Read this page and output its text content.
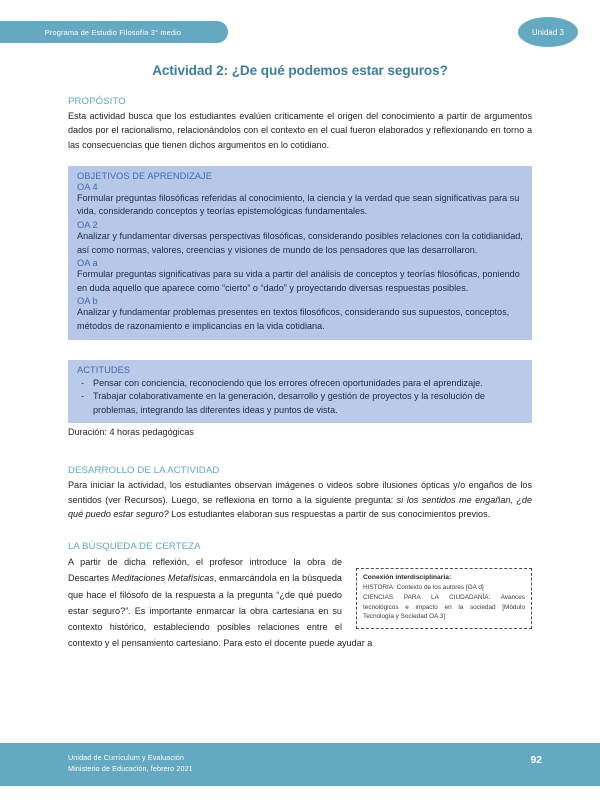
Programa de Estudio Filosofía 3° medio	Unidad 3
Actividad 2: ¿De qué podemos estar seguros?
PROPÓSITO

Esta actividad busca que los estudiantes evalúen críticamente el origen del conocimiento a partir de argumentos dados por el racionalismo, relacionándolos con el contexto en el cual fueron elaborados y reflexionando en torno a las consecuencias que tienen dichos argumentos en lo cotidiano.

OBJETIVOS DE APRENDIZAJE
OA 4

Formular preguntas filosóficas referidas al conocimiento, la ciencia y la verdad que sean significativas para su vida, considerando conceptos y teorías epistemológicas fundamentales.

OA 2

Analizar y fundamentar diversas perspectivas filosóficas, considerando posibles relaciones con la cotidianidad, así como normas, valores, creencias y visiones de mundo de los pensadores que las desarrollaron.

OA a

Formular preguntas significativas para su vida a partir del análisis de conceptos y teorías filosóficas, poniendo en duda aquello que aparece como “cierto” o “dado” y proyectando diversas respuestas posibles.

OA b

Analizar y fundamentar problemas presentes en textos filosóficos, considerando sus supuestos, conceptos, métodos de razonamiento e implicancias en la vida cotidiana.

ACTITUDES
- Pensar con conciencia, reconociendo que los errores ofrecen oportunidades para el aprendizaje.
- Trabajar colaborativamente en la generación, desarrollo y gestión de proyectos y la resolución de problemas, integrando las diferentes ideas y puntos de vista.

Duración: 4 horas pedagógicas

DESARROLLO DE LA ACTIVIDAD

Para iniciar la actividad, los estudiantes observan imágenes o videos sobre ilusiones ópticas y/o engaños de los sentidos (ver Recursos). Luego, se reflexiona en torno a la siguiente pregunta: si los sentidos me engañan, ¿de qué puedo estar seguro? Los estudiantes elaboran sus respuestas a partir de sus conocimientos previos.

LA BÚSQUEDA DE CERTEZA
Conexión interdisciplinaria:

HISTORIA: Contexto de los autores [OA d]

CIENCIAS PARA LA CIUDADANÍA: Avances tecnológicos e impacto en la sociedad [Módulo Tecnología y Sociedad OA 3]

A partir de dicha reflexión, el profesor introduce la obra de Descartes Meditaciones Metafísicas, enmarcándola en la búsqueda que hace el filósofo de la respuesta a la pregunta “¿de qué puedo estar seguro?”. Es importante enmarcar la obra cartesiana en su contexto histórico, estableciendo posibles relaciones entre el contexto y el pensamiento cartesiano. Para esto el docente puede ayudar a

Unidad de Currículum y Evaluación
Ministerio de Educación, febrero 2021
92
